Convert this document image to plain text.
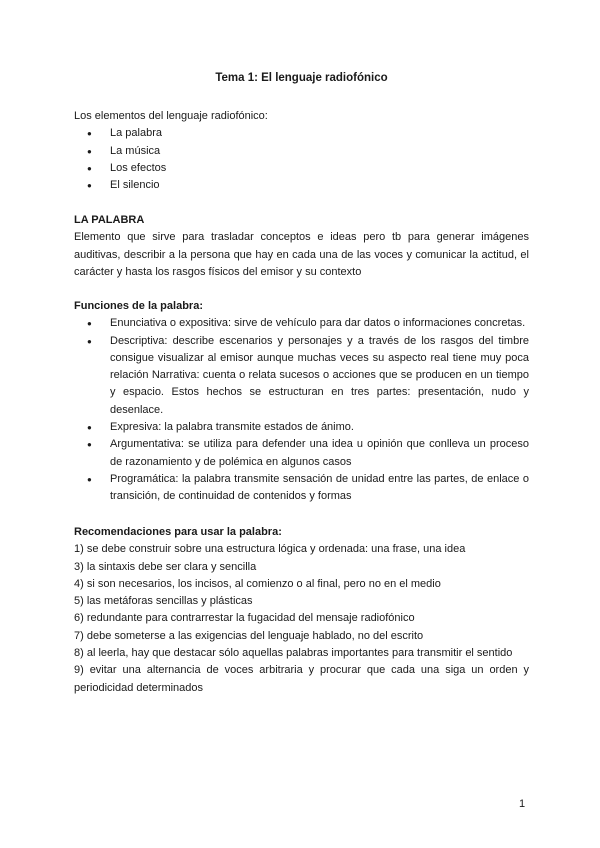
Tema 1: El lenguaje radiofónico

Los elementos del lenguaje radiofónico:

● La palabra
● La música
● Los efectos
● El silencio

LA PALABRA

Elemento que sirve para trasladar conceptos e ideas pero tb para generar imágenes auditivas, describir a la persona que hay en cada una de las voces y comunicar la actitud, el carácter y hasta los rasgos físicos del emisor y su contexto

Funciones de la palabra:

● Enunciativa o expositiva: sirve de vehículo para dar datos o informaciones concretas.
● Descriptiva: describe escenarios y personajes y a través de los rasgos del timbre consigue visualizar al emisor aunque muchas veces su aspecto real tiene muy poca relación Narrativa: cuenta o relata sucesos o acciones que se producen en un tiempo y espacio. Estos hechos se estructuran en tres partes: presentación, nudo y desenlace.
● Expresiva: la palabra transmite estados de ánimo.
● Argumentativa: se utiliza para defender una idea u opinión que conlleva un proceso de razonamiento y de polémica en algunos casos
● Programática: la palabra transmite sensación de unidad entre las partes, de enlace o transición, de continuidad de contenidos y formas

Recomendaciones para usar la palabra:

1) se debe construir sobre una estructura lógica y ordenada: una frase, una idea

3) la sintaxis debe ser clara y sencilla

4) si son necesarios, los incisos, al comienzo o al final, pero no en el medio

5) las metáforas sencillas y plásticas

6) redundante para contrarrestar la fugacidad del mensaje radiofónico

7) debe someterse a las exigencias del lenguaje hablado, no del escrito

8) al leerla, hay que destacar sólo aquellas palabras importantes para transmitir el sentido

9) evitar una alternancia de voces arbitraria y procurar que cada una siga un orden y periodicidad determinados

1
